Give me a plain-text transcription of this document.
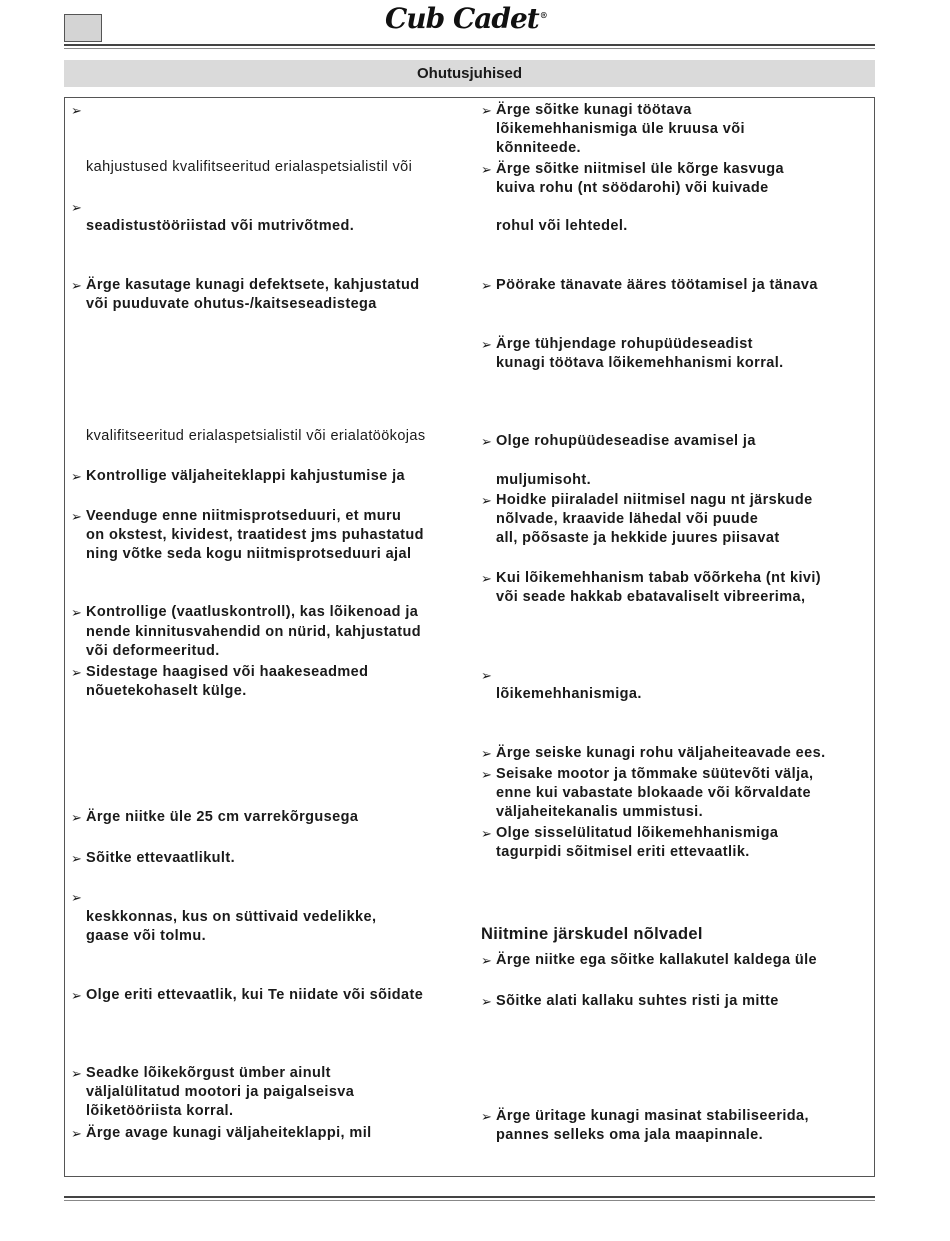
Cub Cadet®
Ohutusjuhised
➢
kahjustused kvalifitseeritud erialaspetsialistil või
➢
seadistustööriistad või mutrivõtmed.
➢ Ärge kasutage kunagi defektsete, kahjustatud
või puuduvate ohutus-/kaitseseadistega
kvalifitseeritud erialaspetsialistil või erialatöökojas
➢ Kontrollige väljaheiteklappi kahjustumise ja
➢ Veenduge enne niitmisprotseduuri, et muru
on okstest, kividest, traatidest jms puhastatud
ning võtke seda kogu niitmisprotseduuri ajal
➢ Kontrollige (vaatluskontroll), kas lõikenoad ja
nende kinnitusvahendid on nürid, kahjustatud
või deformeeritud.
➢ Sidestage haagised või haakeseadmed
nõuetekohaselt külge.
➢ Ärge niitke üle 25 cm varrekõrgusega
➢ Sõitke ettevaatlikult.
➢
keskkonnas, kus on süttivaid vedelikke,
gaase või tolmu.
➢ Olge eriti ettevaatlik, kui Te niidate või sõidate
➢ Seadke lõikekõrgust ümber ainult
väljalülitatud mootori ja paigalseisva
lõiketööriista korral.
➢ Ärge avage kunagi väljaheiteklappi, mil
➢ Ärge sõitke kunagi töötava
lõikemehhanismiga üle kruusa või
kõnniteede.
➢ Ärge sõitke niitmisel üle kõrge kasvuga
kuiva rohu (nt söödarohi) või kuivade
rohul või lehtedel.
➢ Pöörake tänavate ääres töötamisel ja tänava
➢ Ärge tühjendage rohupüüdeseadist
kunagi töötava lõikemehhanismi korral.
➢ Olge rohupüüdeseadise avamisel ja
muljumisoht.
➢ Hoidke piiraladel niitmisel nagu nt järskude
nõlvade, kraavide lähedal või puude
all, põõsaste ja hekkide juures piisavat
➢ Kui lõikemehhanism tabab võõrkeha (nt kivi)
või seade hakkab ebatavaliselt vibreerima,
➢
lõikemehhanismiga.
➢ Ärge seiske kunagi rohu väljaheiteavade ees.
➢ Seisake mootor ja tõmmake süütevõti välja,
enne kui vabastate blokaade või kõrvaldate
väljaheitekanalis ummistusi.
➢ Olge sisselülitatud lõikemehhanismiga
tagurpidi sõitmisel eriti ettevaatlik.
Niitmine järskudel nõlvadel
➢ Ärge niitke ega sõitke kallakutel kaldega üle
➢ Sõitke alati kallaku suhtes risti ja mitte
➢ Ärge üritage kunagi masinat stabiliseerida,
pannes selleks oma jala maapinnale.
